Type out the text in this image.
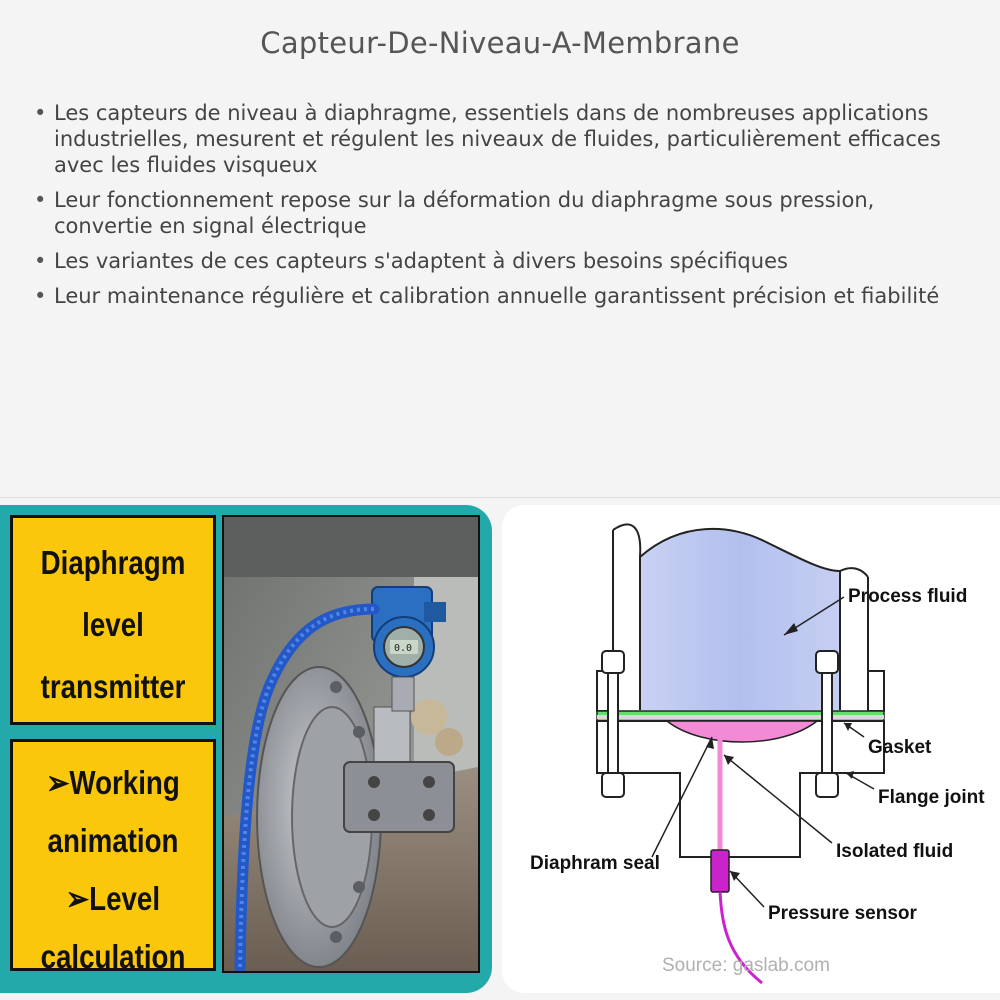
Capteur-De-Niveau-A-Membrane
• Les capteurs de niveau à diaphragme, essentiels dans de nombreuses applications industrielles, mesurent et régulent les niveaux de fluides, particulièrement efficaces avec les fluides visqueux
• Leur fonctionnement repose sur la déformation du diaphragme sous pression, convertie en signal électrique
• Les variantes de ces capteurs s'adaptent à divers besoins spécifiques
• Leur maintenance régulière et calibration annuelle garantissent précision et fiabilité
Diaphragm
level
transmitter
➢Working
animation
➢Level
calculation
0.0
Process fluid
Gasket
Flange joint
Isolated fluid
Diaphram seal
Pressure sensor
Source: gaslab.com
